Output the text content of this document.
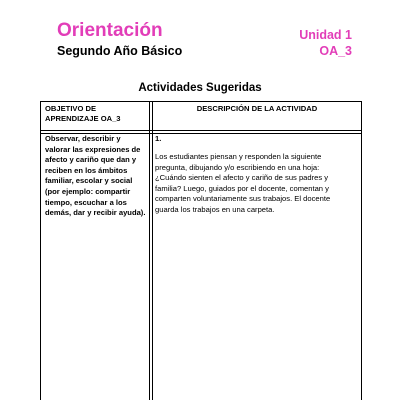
Orientación
Segundo Año Básico
Unidad 1
OA_3
Actividades Sugeridas
OBJETIVO DE APRENDIZAJE OA_3
DESCRIPCIÓN DE LA ACTIVIDAD
Observar, describir y valorar las expresiones de afecto y cariño que dan y reciben en los ámbitos familiar, escolar y social (por ejemplo: compartir tiempo, escuchar a los demás, dar y recibir ayuda).
1.
Los estudiantes piensan y responden la siguiente pregunta, dibujando y/o escribiendo en una hoja: ¿Cuándo sienten el afecto y cariño de sus padres y familia? Luego, guiados por el docente, comentan y comparten voluntariamente sus trabajos. El docente guarda los trabajos en una carpeta.
